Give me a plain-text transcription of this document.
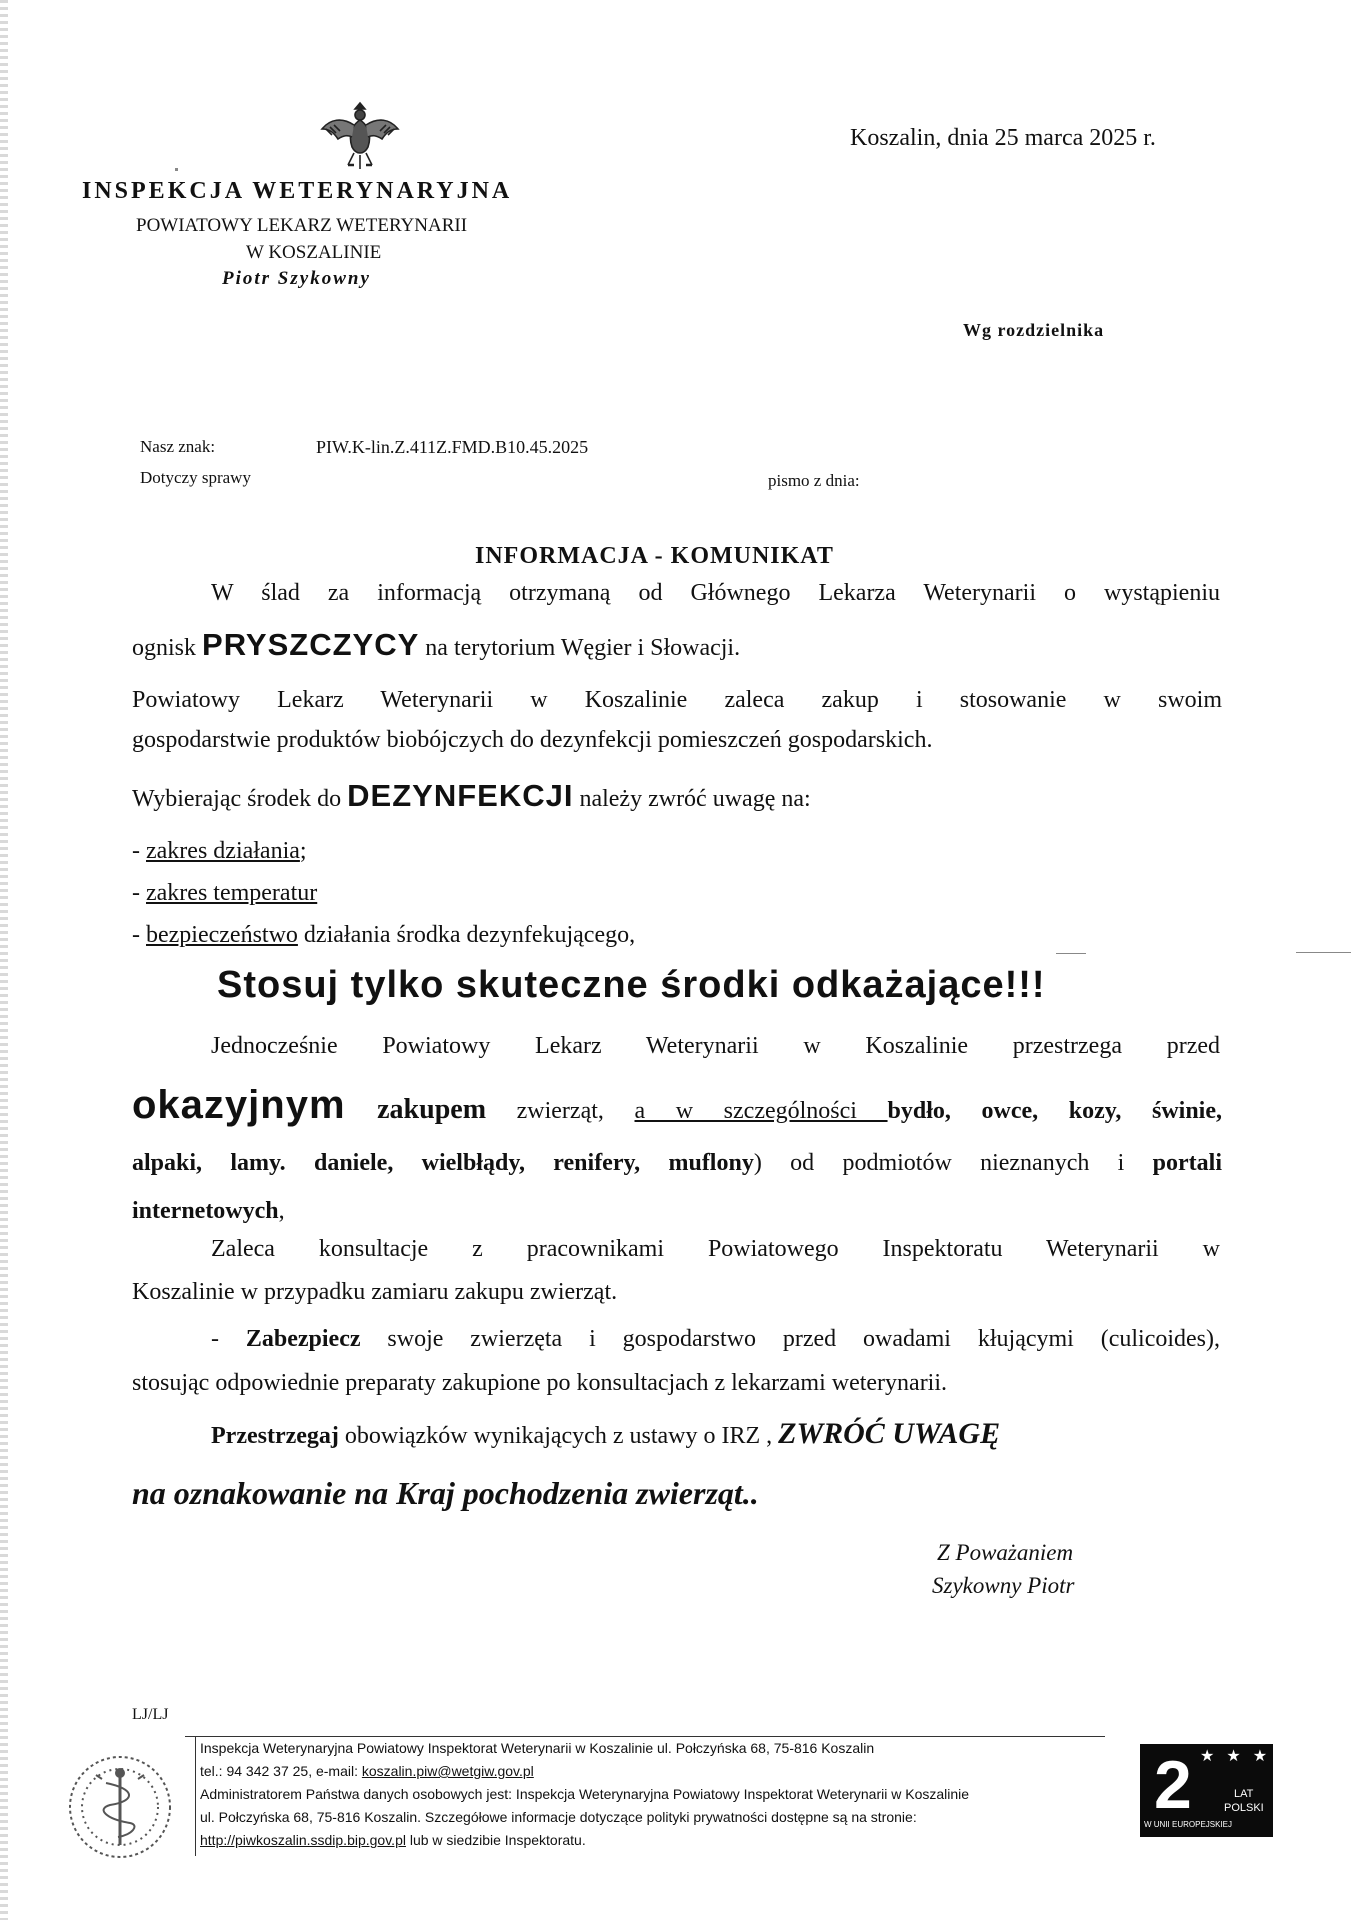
INSPEKCJA WETERYNARYJNA
POWIATOWY LEKARZ WETERYNARII
W KOSZALINIE
Piotr Szykowny
Koszalin, dnia 25 marca 2025 r.
Wg rozdzielnika
Nasz znak:	PIW.K-lin.Z.411Z.FMD.B10.45.2025
Dotyczy sprawy	pismo z dnia:
INFORMACJA - KOMUNIKAT
W ślad za informacją otrzymaną od Głównego Lekarza Weterynarii o wystąpieniu
ognisk PRYSZCZYCY na terytorium Węgier i Słowacji.
Powiatowy Lekarz Weterynarii w Koszalinie zaleca zakup i stosowanie w swoim
gospodarstwie produktów biobójczych do dezynfekcji pomieszczeń gospodarskich.
Wybierając środek do DEZYNFEKCJI należy zwróć uwagę na:
- zakres działania;
- zakres temperatur
- bezpieczeństwo działania środka dezynfekującego,
Stosuj tylko skuteczne środki odkażające!!!
Jednocześnie Powiatowy Lekarz Weterynarii w Koszalinie przestrzega przed
okazyjnym zakupem zwierząt, a w szczególności bydło, owce, kozy, świnie,
alpaki, lamy. daniele, wielbłądy, renifery, muflony) od podmiotów nieznanych i portali
internetowych,
Zaleca konsultacje z pracownikami Powiatowego Inspektoratu Weterynarii w
Koszalinie w przypadku zamiaru zakupu zwierząt.
- Zabezpiecz swoje zwierzęta i gospodarstwo przed owadami kłującymi (culicoides),
stosując odpowiednie preparaty zakupione po konsultacjach z lekarzami weterynarii.
Przestrzegaj obowiązków wynikających z ustawy o IRZ , ZWRÓĆ UWAGĘ
na oznakowanie na Kraj pochodzenia zwierząt..
Z Poważaniem
Szykowny Piotr
LJ/LJ
Inspekcja Weterynaryjna Powiatowy Inspektorat Weterynarii w Koszalinie ul. Połczyńska 68, 75-816 Koszalin
tel.: 94 342 37 25, e-mail: koszalin.piw@wetgiw.gov.pl
Administratorem Państwa danych osobowych jest: Inspekcja Weterynaryjna Powiatowy Inspektorat Weterynarii w Koszalinie
ul. Połczyńska 68, 75-816 Koszalin. Szczegółowe informacje dotyczące polityki prywatności dostępne są na stronie:
http://piwkoszalin.ssdip.bip.gov.pl lub w siedzibie Inspektoratu.
2 ★ ★ ★
LAT
POLSKI
W UNII EUROPEJSKIEJ
